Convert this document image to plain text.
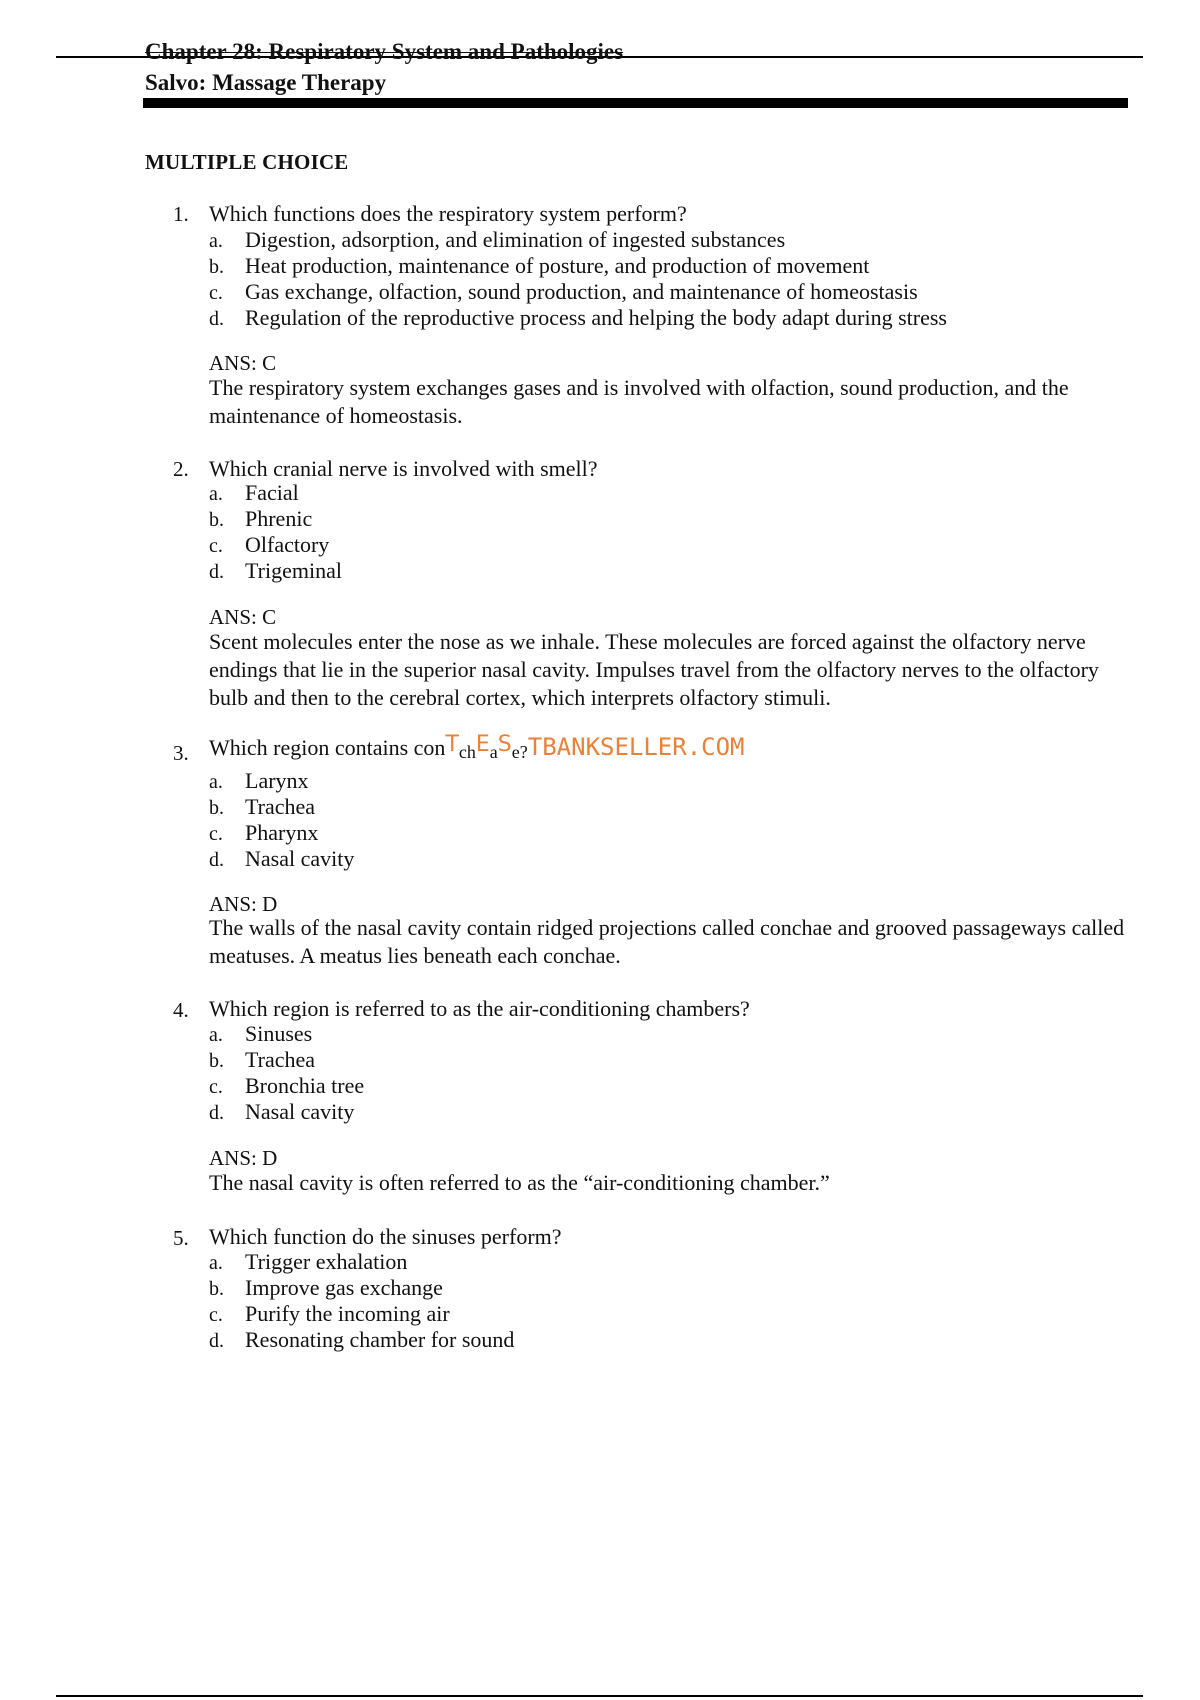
Chapter 28: Respiratory System and Pathologies
Salvo: Massage Therapy
MULTIPLE CHOICE
1. Which functions does the respiratory system perform?
a. Digestion, adsorption, and elimination of ingested substances
b. Heat production, maintenance of posture, and production of movement
c. Gas exchange, olfaction, sound production, and maintenance of homeostasis
d. Regulation of the reproductive process and helping the body adapt during stress
ANS: C
The respiratory system exchanges gases and is involved with olfaction, sound production, and the maintenance of homeostasis.
2. Which cranial nerve is involved with smell?
a. Facial
b. Phrenic
c. Olfactory
d. Trigeminal
ANS: C
Scent molecules enter the nose as we inhale. These molecules are forced against the olfactory nerve endings that lie in the superior nasal cavity. Impulses travel from the olfactory nerves to the olfactory bulb and then to the cerebral cortex, which interprets olfactory stimuli.
3. Which region contains conTchEaSe?TBANKSELLER.COM
a. Larynx
b. Trachea
c. Pharynx
d. Nasal cavity
ANS: D
The walls of the nasal cavity contain ridged projections called conchae and grooved passageways called meatuses. A meatus lies beneath each conchae.
4. Which region is referred to as the air-conditioning chambers?
a. Sinuses
b. Trachea
c. Bronchia tree
d. Nasal cavity
ANS: D
The nasal cavity is often referred to as the “air-conditioning chamber.”
5. Which function do the sinuses perform?
a. Trigger exhalation
b. Improve gas exchange
c. Purify the incoming air
d. Resonating chamber for sound
